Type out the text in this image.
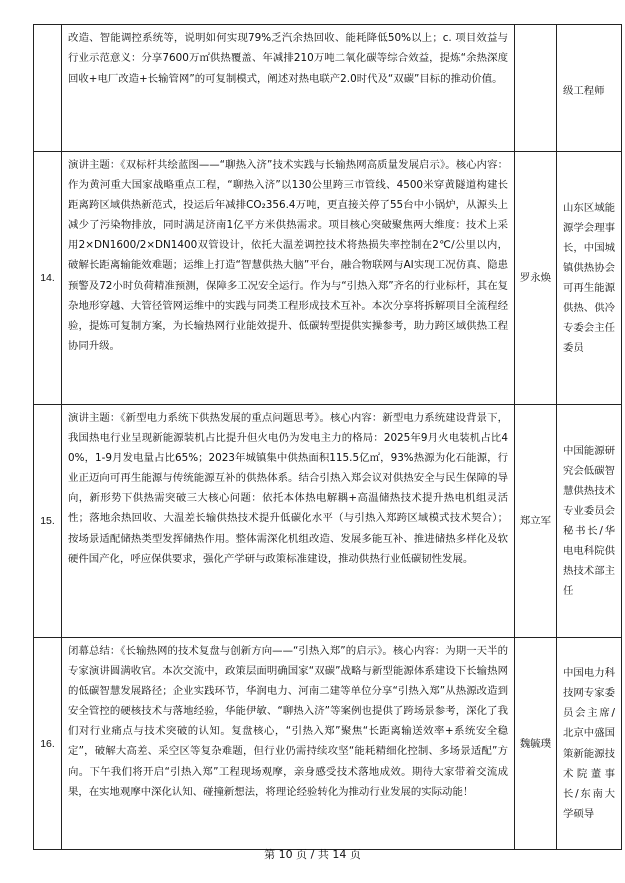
	改造、智能调控系统等，说明如何实现79%乏汽余热回收、能耗降低50%以上；c. 项目效益与行业示范意义：分享7600万㎡供热覆盖、年减排210万吨二氧化碳等综合效益，提炼“余热深度回收+电厂改造+长输管网”的可复制模式，阐述对热电联产2.0时代及“双碳”目标的推动价值。		级工程师

14.	演讲主题：《双标杆共绘蓝图——“聊热入济”技术实践与长输热网高质量发展启示》。核心内容：作为黄河重大国家战略重点工程，“聊热入济”以130公里跨三市管线、4500米穿黄隧道构建长距离跨区域供热新范式，投运后年减排CO₂356.4万吨，更直接关停了55台中小锅炉，从源头上减少了污染物排放，同时满足济南1亿平方米供热需求。项目核心突破聚焦两大维度：技术上采用2×DN1600/2×DN1400双管设计，依托大温差调控技术将热损失率控制在2℃/公里以内，破解长距离输能效难题；运维上打造“智慧供热大脑”平台，融合物联网与AI实现工况仿真、隐患预警及72小时负荷精准预测，保障多工况安全运行。作为与“引热入郑”齐名的行业标杆，其在复杂地形穿越、大管径管网运维中的实践与同类工程形成技术互补。本次分享将拆解项目全流程经验，提炼可复制方案，为长输热网行业能效提升、低碳转型提供实操参考，助力跨区域供热工程协同升级。	罗永焕	山东区域能源学会理事长，中国城镇供热协会可再生能源供热、供冷专委会主任委员

15.	演讲主题：《新型电力系统下供热发展的重点问题思考》。核心内容：新型电力系统建设背景下，我国热电行业呈现新能源装机占比提升但火电仍为发电主力的格局：2025年9月火电装机占比40%，1-9月发电量占比65%；2023年城镇集中供热面积115.5亿㎡，93%热源为化石能源，行业正迈向可再生能源与传统能源互补的供热体系。结合引热入郑会议对供热安全与民生保障的导向，新形势下供热需突破三大核心问题：依托本体热电解耦+高温储热技术提升热电机组灵活性；落地余热回收、大温差长输供热技术提升低碳化水平（与引热入郑跨区域模式技术契合）；按场景适配储热类型发挥储热作用。整体需深化机组改造、发展多能互补、推进储热多样化及软硬件国产化，呼应保供要求，强化产学研与政策标准建设，推动供热行业低碳韧性发展。	郑立军	中国能源研究会低碳智慧供热技术专业委员会秘书长/华电电科院供热技术部主任

16.	闭幕总结：《长输热网的技术复盘与创新方向——“引热入郑”的启示》。核心内容：为期一天半的专家演讲圆满收官。本次交流中，政策层面明确国家“双碳”战略与新型能源体系建设下长输热网的低碳智慧发展路径；企业实践环节，华润电力、河南二建等单位分享“引热入郑”从热源改造到安全管控的硬核技术与落地经验，华能伊敏、“聊热入济”等案例也提供了跨场景参考，深化了我们对行业痛点与技术突破的认知。复盘核心，“引热入郑”聚焦“长距离输送效率+系统安全稳定”，破解大高差、采空区等复杂难题，但行业仍需持续攻坚“能耗精细化控制、多场景适配”方向。下午我们将开启“引热入郑”工程现场观摩，亲身感受技术落地成效。期待大家带着交流成果，在实地观摩中深化认知、碰撞新想法，将理论经验转化为推动行业发展的实际动能！	魏毓璞	中国电力科技网专家委员会主席/北京中盛国策新能源技术院董事长/东南大学硕导

第 10 页 / 共 14 页
